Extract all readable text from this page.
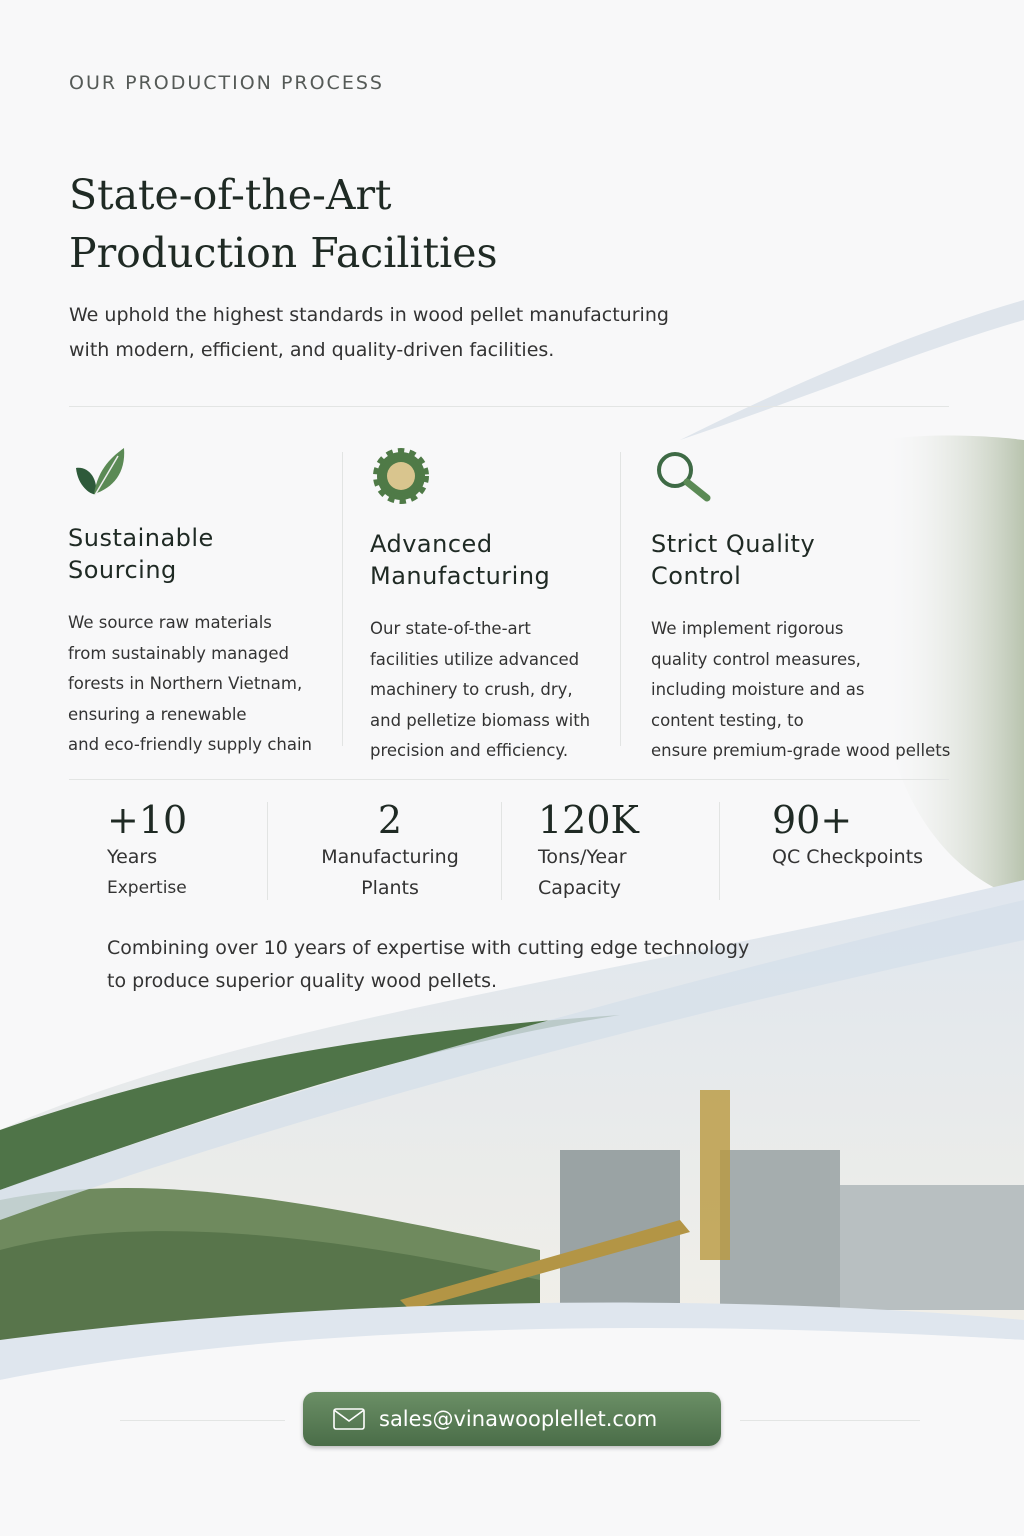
OUR PRODUCTION PROCESS
State-of-the-Art
Production Facilities
We uphold the highest standards in wood pellet manufacturing
with modern, efficient, and quality-driven facilities.
Sustainable
Sourcing

We source raw materials
from sustainably managed
forests in Northern Vietnam,
ensuring a renewable
and eco-friendly supply chain

Advanced
Manufacturing

Our state-of-the-art
facilities utilize advanced
machinery to crush, dry,
and pelletize biomass with
precision and efficiency.

Strict Quality
Control

We implement rigorous
quality control measures,
including moisture and as
content testing, to
ensure premium-grade wood pellets

+10
Years
Expertise
2
Manufacturing
Plants
120K
Tons/Year
Capacity
90+
QC Checkpoints
Combining over 10 years of expertise with cutting edge technology
to produce superior quality wood pellets.
sales@vinawooplellet.com
